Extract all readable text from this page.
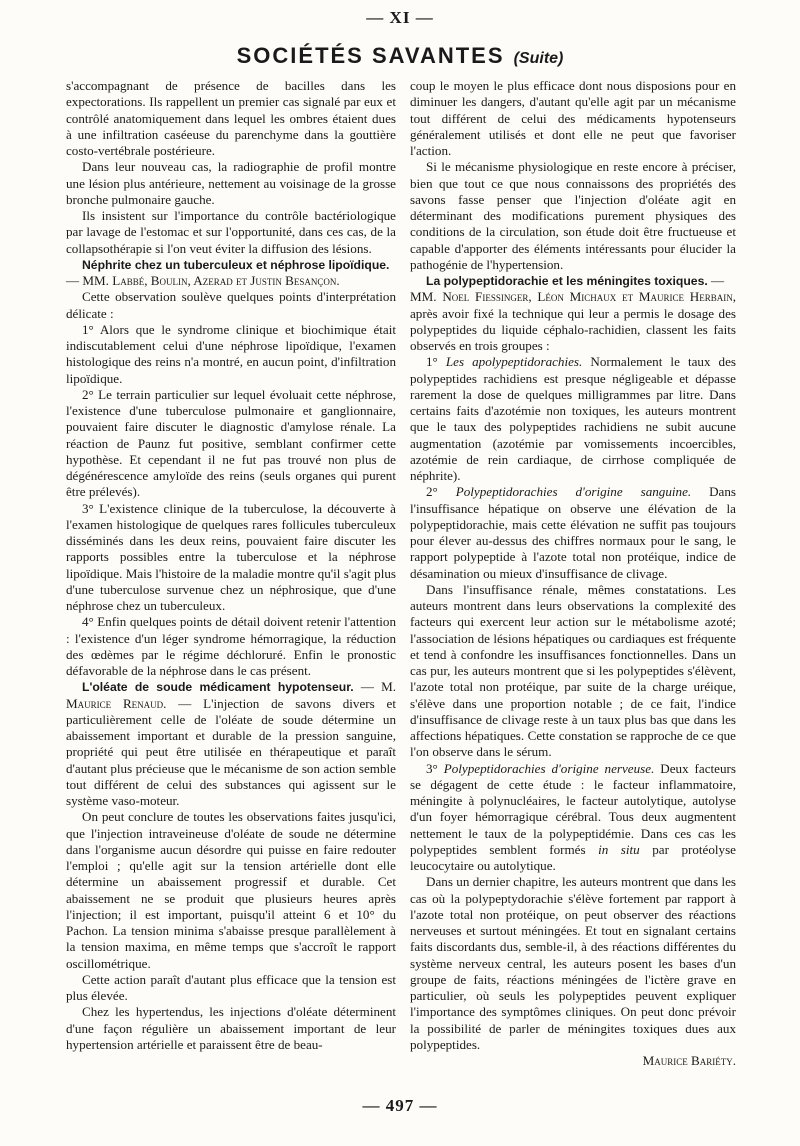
— XI —
SOCIÉTÉS SAVANTES (Suite)

s'accompagnant de présence de bacilles dans les expectorations. Ils rappellent un premier cas signalé par eux et contrôlé anatomiquement dans lequel les ombres étaient dues à une infiltration caséeuse du parenchyme dans la gouttière costo-vertébrale postérieure.

Dans leur nouveau cas, la radiographie de profil montre une lésion plus antérieure, nettement au voisinage de la grosse bronche pulmonaire gauche.

Ils insistent sur l'importance du contrôle bactériologique par lavage de l'estomac et sur l'opportunité, dans ces cas, de la collapsothérapie si l'on veut éviter la diffusion des lésions.

Néphrite chez un tuberculeux et néphrose lipoïdique.
— MM. Labbé, Boulin, Azerad et Justin Besançon.

Cette observation soulève quelques points d'interprétation délicate :

1° Alors que le syndrome clinique et biochimique était indiscutablement celui d'une néphrose lipoïdique, l'examen histologique des reins n'a montré, en aucun point, d'infiltration lipoïdique.

2° Le terrain particulier sur lequel évoluait cette néphrose, l'existence d'une tuberculose pulmonaire et ganglionnaire, pouvaient faire discuter le diagnostic d'amylose rénale. La réaction de Paunz fut positive, semblant confirmer cette hypothèse. Et cependant il ne fut pas trouvé non plus de dégénérescence amyloïde des reins (seuls organes qui purent être prélevés).

3° L'existence clinique de la tuberculose, la découverte à l'examen histologique de quelques rares follicules tuberculeux disséminés dans les deux reins, pouvaient faire discuter les rapports possibles entre la tuberculose et la néphrose lipoïdique. Mais l'histoire de la maladie montre qu'il s'agit plus d'une tuberculose survenue chez un néphrosique, que d'une néphrose chez un tuberculeux.

4° Enfin quelques points de détail doivent retenir l'attention : l'existence d'un léger syndrome hémorragique, la réduction des œdèmes par le régime déchloruré. Enfin le pronostic défavorable de la néphrose dans le cas présent.

L'oléate de soude médicament hypotenseur. — M. Maurice Renaud. — L'injection de savons divers et particulièrement celle de l'oléate de soude détermine un abaissement important et durable de la pression sanguine, propriété qui peut être utilisée en thérapeutique et paraît d'autant plus précieuse que le mécanisme de son action semble tout différent de celui des substances qui agissent sur le système vaso-moteur.

On peut conclure de toutes les observations faites jusqu'ici, que l'injection intraveineuse d'oléate de soude ne détermine dans l'organisme aucun désordre qui puisse en faire redouter l'emploi ; qu'elle agit sur la tension artérielle dont elle détermine un abaissement progressif et durable. Cet abaissement ne se produit que plusieurs heures après l'injection; il est important, puisqu'il atteint 6 et 10° du Pachon. La tension minima s'abaisse presque parallèlement à la tension maxima, en même temps que s'accroît le rapport oscillométrique.

Cette action paraît d'autant plus efficace que la tension est plus élevée.

Chez les hypertendus, les injections d'oléate déterminent d'une façon régulière un abaissement important de leur hypertension artérielle et paraissent être de beau-

coup le moyen le plus efficace dont nous disposions pour en diminuer les dangers, d'autant qu'elle agit par un mécanisme tout différent de celui des médicaments hypotenseurs généralement utilisés et dont elle ne peut que favoriser l'action.

Si le mécanisme physiologique en reste encore à préciser, bien que tout ce que nous connaissons des propriétés des savons fasse penser que l'injection d'oléate agit en déterminant des modifications purement physiques des conditions de la circulation, son étude doit être fructueuse et capable d'apporter des éléments intéressants pour élucider la pathogénie de l'hypertension.

La polypeptidorachie et les méningites toxiques. —
MM. Noel Fiessinger, Léon Michaux et Maurice Herbain, après avoir fixé la technique qui leur a permis le dosage des polypeptides du liquide céphalo-rachidien, classent les faits observés en trois groupes :

1° Les apolypeptidorachies. Normalement le taux des polypeptides rachidiens est presque négligeable et dépasse rarement la dose de quelques milligrammes par litre. Dans certains faits d'azotémie non toxiques, les auteurs montrent que le taux des polypeptides rachidiens ne subit aucune augmentation (azotémie par vomissements incoercibles, azotémie de rein cardiaque, de cirrhose compliquée de néphrite).

2° Polypeptidorachies d'origine sanguine. Dans l'insuffisance hépatique on observe une élévation de la polypeptidorachie, mais cette élévation ne suffit pas toujours pour élever au-dessus des chiffres normaux pour le sang, le rapport polypeptide à l'azote total non protéique, indice de désamination ou mieux d'insuffisance de clivage.

Dans l'insuffisance rénale, mêmes constatations. Les auteurs montrent dans leurs observations la complexité des facteurs qui exercent leur action sur le métabolisme azoté; l'association de lésions hépatiques ou cardiaques est fréquente et tend à confondre les insuffisances fonctionnelles. Dans un cas pur, les auteurs montrent que si les polypeptides s'élèvent, l'azote total non protéique, par suite de la charge uréique, s'élève dans une proportion notable ; de ce fait, l'indice d'insuffisance de clivage reste à un taux plus bas que dans les affections hépatiques. Cette constation se rapproche de ce que l'on observe dans le sérum.

3° Polypeptidorachies d'origine nerveuse. Deux facteurs se dégagent de cette étude : le facteur inflammatoire, méningite à polynucléaires, le facteur autolytique, autolyse d'un foyer hémorragique cérébral. Tous deux augmentent nettement le taux de la polypeptidémie. Dans ces cas les polypeptides semblent formés in situ par protéolyse leucocytaire ou autolytique.

Dans un dernier chapitre, les auteurs montrent que dans les cas où la polypeptydorachie s'élève fortement par rapport à l'azote total non protéique, on peut observer des réactions nerveuses et surtout méningées. Et tout en signalant certains faits discordants dus, semble-il, à des réactions différentes du système nerveux central, les auteurs posent les bases d'un groupe de faits, réactions méningées de l'ictère grave en particulier, où seuls les polypeptides peuvent expliquer l'importance des symptômes cliniques. On peut donc prévoir la possibilité de parler de méningites toxiques dues aux polypeptides.

Maurice Bariéty.

— 497 —
